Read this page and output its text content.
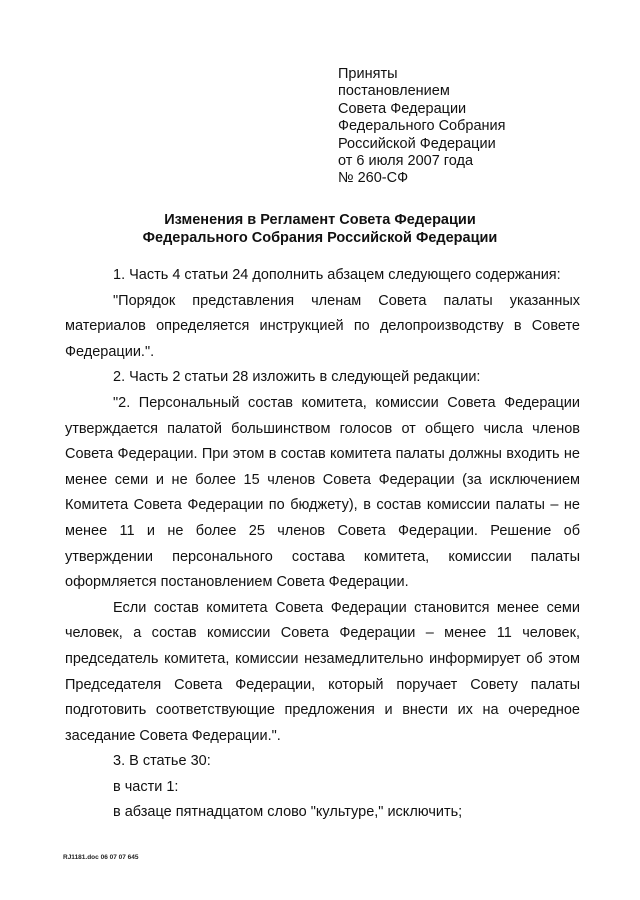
Приняты
постановлением
Совета Федерации
Федерального Собрания
Российской Федерации
от 6 июля 2007 года
№ 260-СФ
Изменения в Регламент Совета Федерации
Федерального Собрания Российской Федерации

1. Часть 4 статьи 24 дополнить абзацем следующего содержания:

"Порядок представления членам Совета палаты указанных материалов определяется инструкцией по делопроизводству в Совете Федерации.".

2. Часть 2 статьи 28 изложить в следующей редакции:

"2. Персональный состав комитета, комиссии Совета Федерации утверждается палатой большинством голосов от общего числа членов Совета Федерации. При этом в состав комитета палаты должны входить не менее семи и не более 15 членов Совета Федерации (за исключением Комитета Совета Федерации по бюджету), в состав комиссии палаты – не менее 11 и не более 25 членов Совета Федерации. Решение об утверждении персонального состава комитета, комиссии палаты оформляется постановлением Совета Федерации.

Если состав комитета Совета Федерации становится менее семи человек, а состав комиссии Совета Федерации – менее 11 человек, председатель комитета, комиссии незамедлительно информирует об этом Председателя Совета Федерации, который поручает Совету палаты подготовить соответствующие предложения и внести их на очередное заседание Совета Федерации.".

3. В статье 30:

в части 1:

в абзаце пятнадцатом слово "культуре," исключить;

RJ1181.doc 06 07 07 645
